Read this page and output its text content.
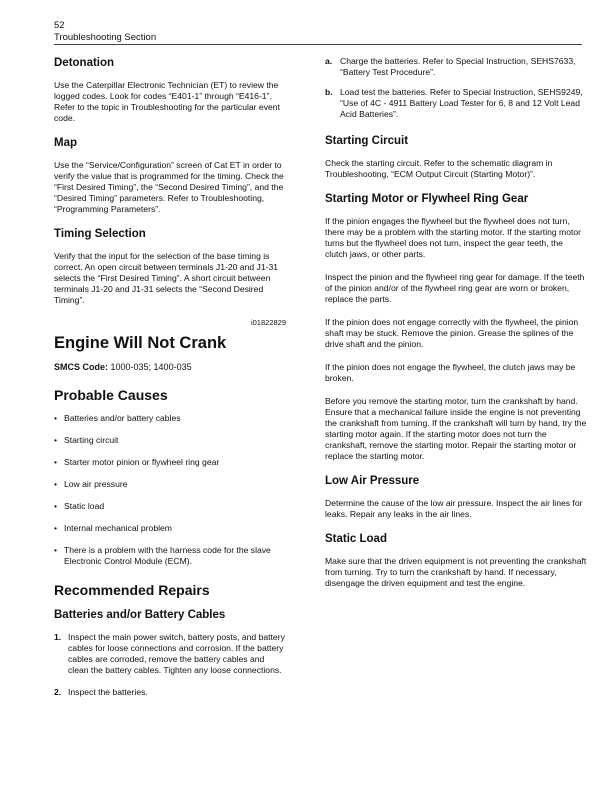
52
Troubleshooting Section
Detonation

Use the Caterpillar Electronic Technician (ET) to review the logged codes. Look for codes “E401-1” through “E416-1”. Refer to the topic in Troubleshooting for the particular event code.

Map

Use the “Service/Configuration” screen of Cat ET in order to verify the value that is programmed for the timing. Check the “First Desired Timing”, the “Second Desired Timing”, and the “Desired Timing” parameters. Refer to Troubleshooting, “Programming Parameters”.

Timing Selection

Verify that the input for the selection of the base timing is correct. An open circuit between terminals J1-20 and J1-31 selects the “First Desired Timing”. A short circuit between terminals J1-20 and J1-31 selects the “Second Desired Timing”.

i01822829
Engine Will Not Crank
SMCS Code: 1000-035; 1400-035
Probable Causes
• Batteries and/or battery cables
• Starting circuit
• Starter motor pinion or flywheel ring gear
• Low air pressure
• Static load
• Internal mechanical problem
• There is a problem with the harness code for the slave Electronic Control Module (ECM).
Recommended Repairs
Batteries and/or Battery Cables
1. Inspect the main power switch, battery posts, and battery cables for loose connections and corrosion. If the battery cables are corroded, remove the battery cables and clean the battery cables. Tighten any loose connections.
2. Inspect the batteries.
a. Charge the batteries. Refer to Special Instruction, SEHS7633, “Battery Test Procedure”.
b. Load test the batteries. Refer to Special Instruction, SEHS9249, “Use of 4C - 4911 Battery Load Tester for 6, 8 and 12 Volt Lead Acid Batteries”.
Starting Circuit

Check the starting circuit. Refer to the schematic diagram in Troubleshooting, “ECM Output Circuit (Starting Motor)”.

Starting Motor or Flywheel Ring Gear

If the pinion engages the flywheel but the flywheel does not turn, there may be a problem with the starting motor. If the starting motor turns but the flywheel does not turn, inspect the gear teeth, the clutch jaws, or other parts.

Inspect the pinion and the flywheel ring gear for damage. If the teeth of the pinion and/or of the flywheel ring gear are worn or broken, replace the parts.

If the pinion does not engage correctly with the flywheel, the pinion shaft may be stuck. Remove the pinion. Grease the splines of the drive shaft and the pinion.

If the pinion does not engage the flywheel, the clutch jaws may be broken.

Before you remove the starting motor, turn the crankshaft by hand. Ensure that a mechanical failure inside the engine is not preventing the crankshaft from turning. If the crankshaft will turn by hand, try the starting motor again. If the starting motor does not turn the crankshaft, remove the starting motor. Repair the starting motor or replace the starting motor.

Low Air Pressure

Determine the cause of the low air pressure. Inspect the air lines for leaks. Repair any leaks in the air lines.

Static Load

Make sure that the driven equipment is not preventing the crankshaft from turning. Try to turn the crankshaft by hand. If necessary, disengage the driven equipment and test the engine.
